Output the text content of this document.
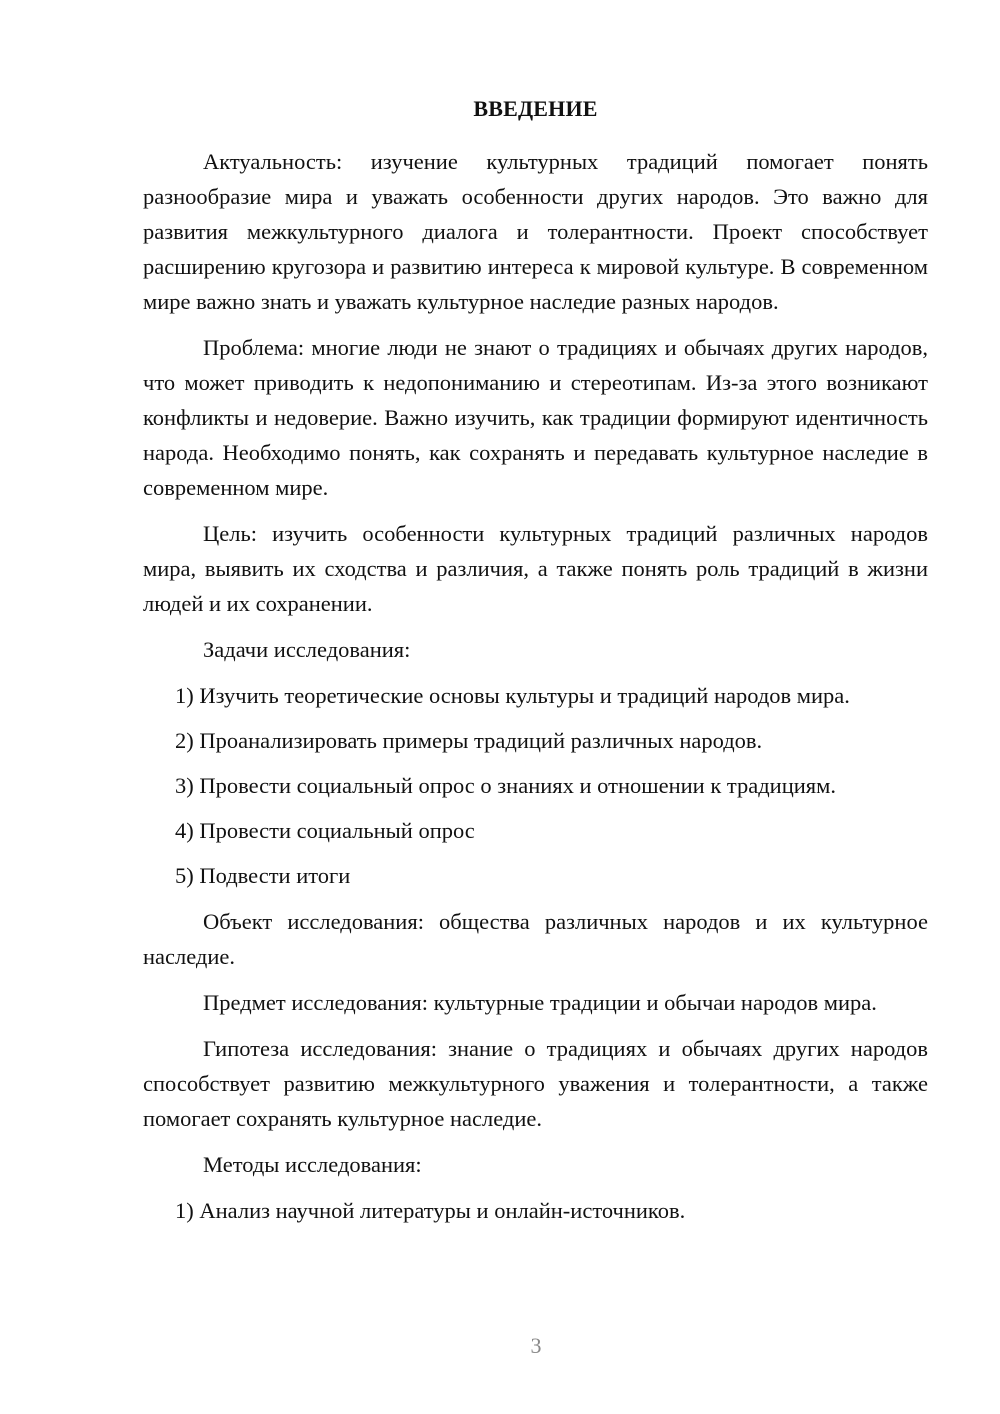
ВВЕДЕНИЕ

Актуальность: изучение культурных традиций помогает понять разнообразие мира и уважать особенности других народов. Это важно для развития межкультурного диалога и толерантности. Проект способствует расширению кругозора и развитию интереса к мировой культуре. В современном мире важно знать и уважать культурное наследие разных народов.

Проблема: многие люди не знают о традициях и обычаях других народов, что может приводить к недопониманию и стереотипам. Из-за этого возникают конфликты и недоверие. Важно изучить, как традиции формируют идентичность народа. Необходимо понять, как сохранять и передавать культурное наследие в современном мире.

Цель: изучить особенности культурных традиций различных народов мира, выявить их сходства и различия, а также понять роль традиций в жизни людей и их сохранении.

Задачи исследования:
1) Изучить теоретические основы культуры и традиций народов мира.
2) Проанализировать примеры традиций различных народов.
3) Провести социальный опрос о знаниях и отношении к традициям.
4) Провести социальный опрос
5) Подвести итоги

Объект исследования: общества различных народов и их культурное наследие.

Предмет исследования: культурные традиции и обычаи народов мира.

Гипотеза исследования: знание о традициях и обычаях других народов способствует развитию межкультурного уважения и толерантности, а также помогает сохранять культурное наследие.

Методы исследования:
1) Анализ научной литературы и онлайн-источников.
3
